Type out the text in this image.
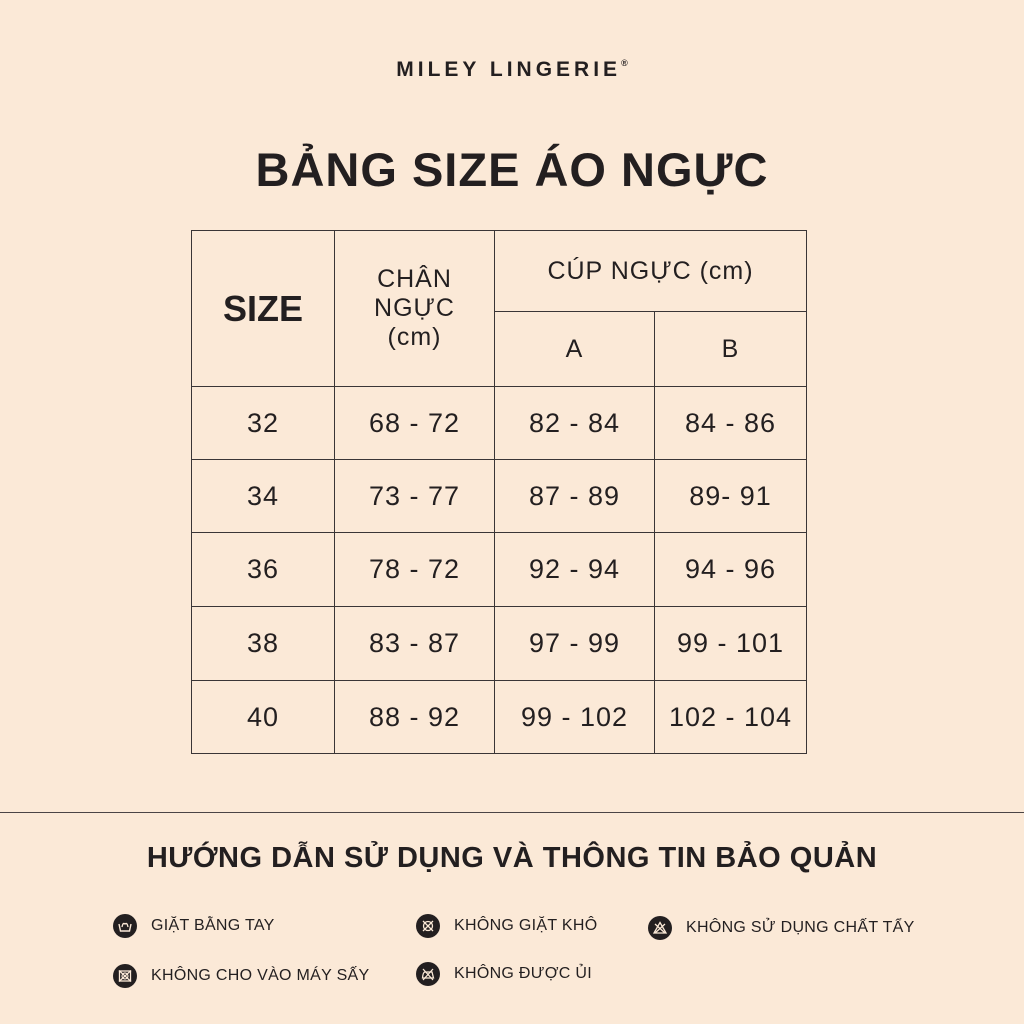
MILEY LINGERIE®
BẢNG SIZE ÁO NGỰC
SIZE	CHÂN NGỰC (cm)	CÚP NGỰC (cm)	
		A	B
32	68 - 72	82 - 84	84 - 86
34	73 - 77	87 - 89	89- 91
36	78 - 72	92 - 94	94 - 96
38	83 - 87	97 - 99	99 - 101
40	88 - 92	99 - 102	102 - 104
HƯỚNG DẪN SỬ DỤNG VÀ THÔNG TIN BẢO QUẢN
GIẶT BẰNG TAY	KHÔNG GIẶT KHÔ	KHÔNG SỬ DỤNG CHẤT TẨY
KHÔNG CHO VÀO MÁY SẤY	KHÔNG ĐƯỢC ỦI
